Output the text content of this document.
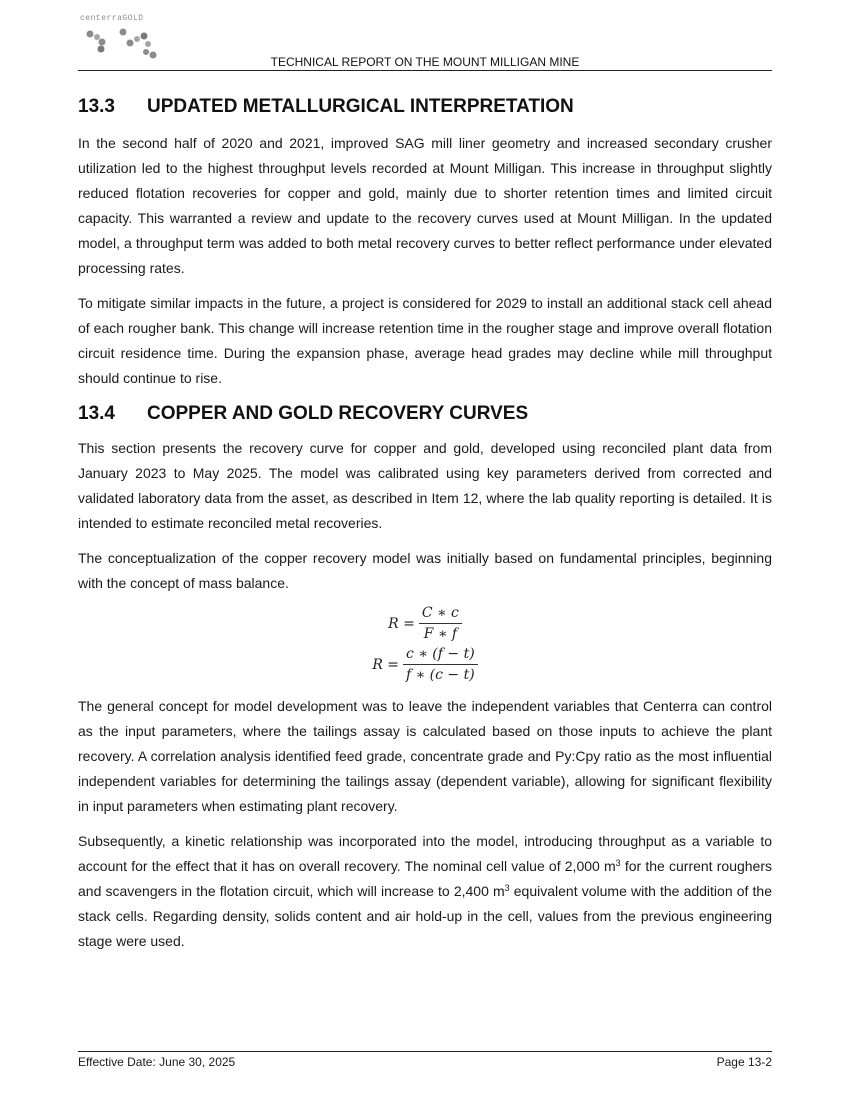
centerraGOLD
TECHNICAL REPORT ON THE MOUNT MILLIGAN MINE
13.3	UPDATED METALLURGICAL INTERPRETATION

In the second half of 2020 and 2021, improved SAG mill liner geometry and increased secondary crusher utilization led to the highest throughput levels recorded at Mount Milligan. This increase in throughput slightly reduced flotation recoveries for copper and gold, mainly due to shorter retention times and limited circuit capacity. This warranted a review and update to the recovery curves used at Mount Milligan. In the updated model, a throughput term was added to both metal recovery curves to better reflect performance under elevated processing rates.

To mitigate similar impacts in the future, a project is considered for 2029 to install an additional stack cell ahead of each rougher bank. This change will increase retention time in the rougher stage and improve overall flotation circuit residence time. During the expansion phase, average head grades may decline while mill throughput should continue to rise.

13.4	COPPER AND GOLD RECOVERY CURVES

This section presents the recovery curve for copper and gold, developed using reconciled plant data from January 2023 to May 2025. The model was calibrated using key parameters derived from corrected and validated laboratory data from the asset, as described in Item 12, where the lab quality reporting is detailed. It is intended to estimate reconciled metal recoveries.

The conceptualization of the copper recovery model was initially based on fundamental principles, beginning with the concept of mass balance.

$R = \frac{C ∗ c}{F ∗ f}$
$R = \frac{c ∗ (f - t)}{f ∗ (c - t)}$

The general concept for model development was to leave the independent variables that Centerra can control as the input parameters, where the tailings assay is calculated based on those inputs to achieve the plant recovery. A correlation analysis identified feed grade, concentrate grade and Py:Cpy ratio as the most influential independent variables for determining the tailings assay (dependent variable), allowing for significant flexibility in input parameters when estimating plant recovery.

Subsequently, a kinetic relationship was incorporated into the model, introducing throughput as a variable to account for the effect that it has on overall recovery. The nominal cell value of 2,000 $m^3$ for the current roughers and scavengers in the flotation circuit, which will increase to 2,400 $m^3$ equivalent volume with the addition of the stack cells. Regarding density, solids content and air hold-up in the cell, values from the previous engineering stage were used.

Effective Date: June 30, 2025	Page 13-2
